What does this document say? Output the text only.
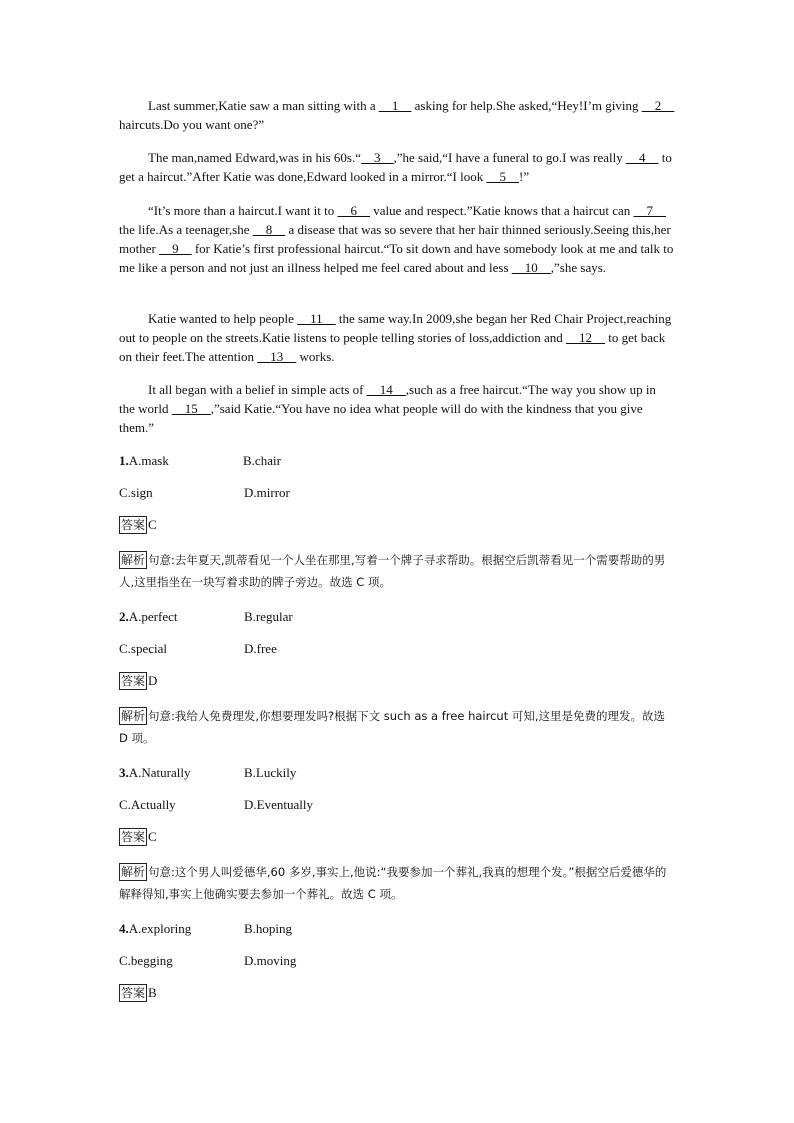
Last summer,Katie saw a man sitting with a __1__ asking for help.She asked,“Hey!I’m giving __2__ haircuts.Do you want one?”

The man,named Edward,was in his 60s.“__3__,”he said,“I have a funeral to go.I was really __4__ to get a haircut.”After Katie was done,Edward looked in a mirror.“I look __5__!”

“It’s more than a haircut.I want it to __6__ value and respect.”Katie knows that a haircut can __7__ the life.As a teenager,she __8__ a disease that was so severe that her hair thinned seriously.Seeing this,her mother __9__ for Katie’s first professional haircut.“To sit down and have somebody look at me and talk to me like a person and not just an illness helped me feel cared about and less __10__,”she says.

Katie wanted to help people __11__ the same way.In 2009,she began her Red Chair Project,reaching out to people on the streets.Katie listens to people telling stories of loss,addiction and __12__ to get back on their feet.The attention __13__ works.

It all began with a belief in simple acts of __14__,such as a free haircut.“The way you show up in the world __15__,”said Katie.“You have no idea what people will do with the kindness that you give them.”

1.A.mask	B.chair
C.sign	D.mirror
答案 C

解析 句意:去年夏天,凯蒂看见一个人坐在那里,写着一个牌子寻求帮助。根据空后凯蒂看见一个需要帮助的男人,这里指坐在一块写着求助的牌子旁边。故选 C 项。

2.A.perfect	B.regular
C.special	D.free
答案 D

解析 句意:我给人免费理发,你想要理发吗?根据下文 such as a free haircut 可知,这里是免费的理发。故选 D 项。

3.A.Naturally	B.Luckily
C.Actually	D.Eventually
答案 C

解析 句意:这个男人叫爱德华,60 多岁,事实上,他说:“我要参加一个葬礼,我真的想理个发。”根据空后爱德华的解释得知,事实上他确实要去参加一个葬礼。故选 C 项。

4.A.exploring	B.hoping
C.begging	D.moving
答案 B
